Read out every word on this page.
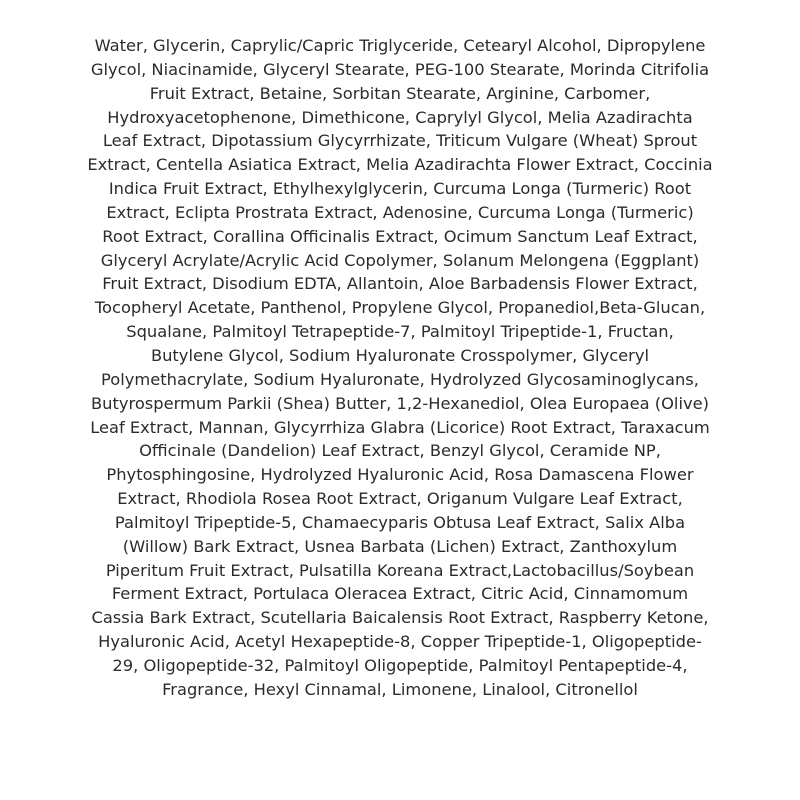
Water, Glycerin, Caprylic/Capric Triglyceride, Cetearyl Alcohol, Dipropylene
Glycol, Niacinamide, Glyceryl Stearate, PEG-100 Stearate, Morinda Citrifolia
Fruit Extract, Betaine, Sorbitan Stearate, Arginine, Carbomer,
Hydroxyacetophenone, Dimethicone, Caprylyl Glycol, Melia Azadirachta
Leaf Extract, Dipotassium Glycyrrhizate, Triticum Vulgare (Wheat) Sprout
Extract, Centella Asiatica Extract, Melia Azadirachta Flower Extract, Coccinia
Indica Fruit Extract, Ethylhexylglycerin, Curcuma Longa (Turmeric) Root
Extract, Eclipta Prostrata Extract, Adenosine, Curcuma Longa (Turmeric)
Root Extract, Corallina Officinalis Extract, Ocimum Sanctum Leaf Extract,
Glyceryl Acrylate/Acrylic Acid Copolymer, Solanum Melongena (Eggplant)
Fruit Extract, Disodium EDTA, Allantoin, Aloe Barbadensis Flower Extract,
Tocopheryl Acetate, Panthenol, Propylene Glycol, Propanediol,Beta-Glucan,
Squalane, Palmitoyl Tetrapeptide-7, Palmitoyl Tripeptide-1, Fructan,
Butylene Glycol, Sodium Hyaluronate Crosspolymer, Glyceryl
Polymethacrylate, Sodium Hyaluronate, Hydrolyzed Glycosaminoglycans,
Butyrospermum Parkii (Shea) Butter, 1,2-Hexanediol, Olea Europaea (Olive)
Leaf Extract, Mannan, Glycyrrhiza Glabra (Licorice) Root Extract, Taraxacum
Officinale (Dandelion) Leaf Extract, Benzyl Glycol, Ceramide NP,
Phytosphingosine, Hydrolyzed Hyaluronic Acid, Rosa Damascena Flower
Extract, Rhodiola Rosea Root Extract, Origanum Vulgare Leaf Extract,
Palmitoyl Tripeptide-5, Chamaecyparis Obtusa Leaf Extract, Salix Alba
(Willow) Bark Extract, Usnea Barbata (Lichen) Extract, Zanthoxylum
Piperitum Fruit Extract, Pulsatilla Koreana Extract,Lactobacillus/Soybean
Ferment Extract, Portulaca Oleracea Extract, Citric Acid, Cinnamomum
Cassia Bark Extract, Scutellaria Baicalensis Root Extract, Raspberry Ketone,
Hyaluronic Acid, Acetyl Hexapeptide-8, Copper Tripeptide-1, Oligopeptide-
29, Oligopeptide-32, Palmitoyl Oligopeptide, Palmitoyl Pentapeptide-4,
Fragrance, Hexyl Cinnamal, Limonene, Linalool, Citronellol
